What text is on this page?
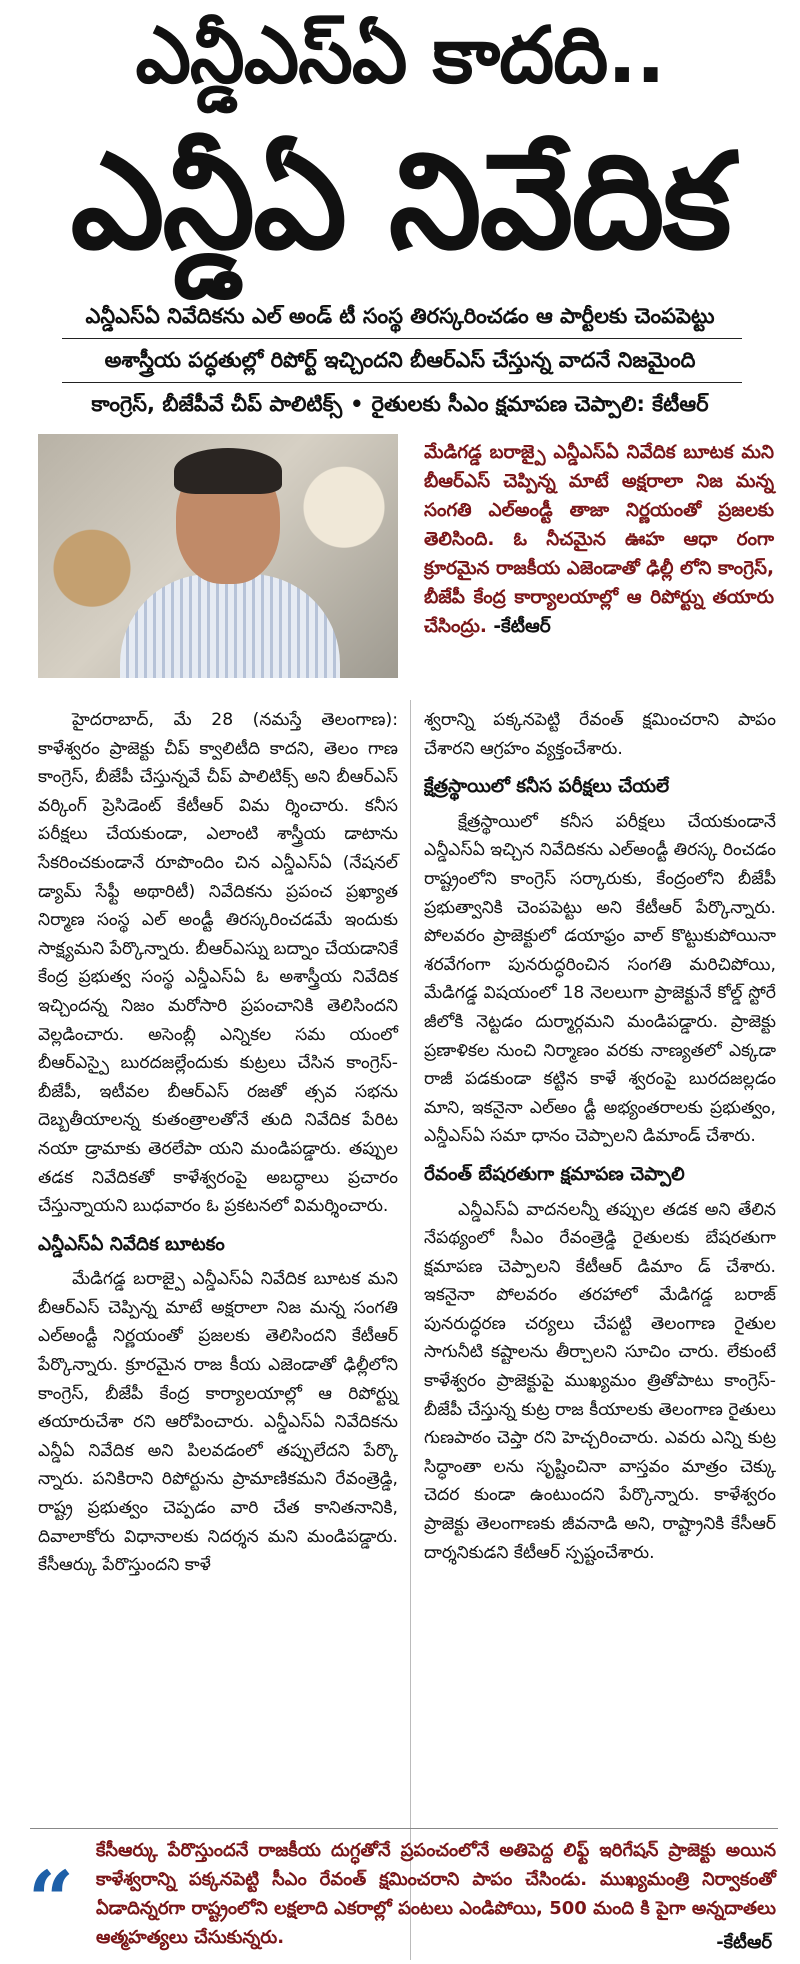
ఎన్డీఎస్ఏ కాదది..
ఎన్డీఏ నివేదిక
ఎన్డీఎస్ఏ నివేదికను ఎల్ అండ్ టీ సంస్థ తిరస్కరించడం ఆ పార్టీలకు చెంపపెట్టు
అశాస్త్రీయ పద్ధతుల్లో రిపోర్ట్ ఇచ్చిందని బీఆర్ఎస్ చేస్తున్న వాదనే నిజమైంది
కాంగ్రెస్, బీజేపీవే చీప్ పాలిటిక్స్ • రైతులకు సీఎం క్షమాపణ చెప్పాలి: కేటీఆర్
మేడిగడ్డ బరాజ్పై ఎన్డీఎస్ఏ నివేదిక బూటక మని బీఆర్ఎస్ చెప్పిన్న మాటే అక్షరాలా నిజ మన్న సంగతి ఎల్అండ్టీ తాజా నిర్ణయంతో ప్రజలకు తెలిసింది. ఓ నీచమైన ఊహ ఆధా రంగా క్రూరమైన రాజకీయ ఎజెండాతో ఢిల్లీ లోని కాంగ్రెస్, బీజేపీ కేంద్ర కార్యాలయాల్లో ఆ రిపోర్ట్ను తయారు చేసింద్రు. -కేటీఆర్

హైదరాబాద్, మే 28 (నమస్తే తెలంగాణ): కాళేశ్వరం ప్రాజెక్టు చీప్ క్వాలిటీది కాదని, తెలం గాణ కాంగ్రెస్, బీజేపీ చేస్తున్నవే చీప్ పాలిటిక్స్ అని బీఆర్ఎస్ వర్కింగ్ ప్రెసిడెంట్ కేటీఆర్ విమ ర్శించారు. కనీస పరీక్షలు చేయకుండా, ఎలాంటి శాస్త్రీయ డాటాను సేకరించకుండానే రూపొందిం చిన ఎన్డీఎస్ఏ (నేషనల్ డ్యామ్ సేఫ్టీ అథారిటీ) నివేదికను ప్రపంచ ప్రఖ్యాత నిర్మాణ సంస్థ ఎల్ అండ్టీ తిరస్కరించడమే ఇందుకు సాక్ష్యమని పేర్కొన్నారు. బీఆర్ఎస్ను బద్నాం చేయడానికే కేంద్ర ప్రభుత్వ సంస్థ ఎన్డీఎస్ఏ ఓ అశాస్త్రీయ నివేదిక ఇచ్చిందన్న నిజం మరోసారి ప్రపంచానికి తెలిసిందని వెల్లడించారు. అసెంబ్లీ ఎన్నికల సమ యంలో బీఆర్ఎస్పై బురదజల్లేందుకు కుట్రలు చేసిన కాంగ్రెస్-బీజేపీ, ఇటీవల బీఆర్ఎస్ రజతో త్సవ సభను దెబ్బతీయాలన్న కుతంత్రాలతోనే తుది నివేదిక పేరిట నయా డ్రామాకు తెరలేపా యని మండిపడ్డారు. తప్పుల తడక నివేదికతో కాళేశ్వరంపై అబద్ధాలు ప్రచారం చేస్తున్నాయని బుధవారం ఓ ప్రకటనలో విమర్శించారు.

ఎన్డీఎస్ఏ నివేదిక బూటకం

మేడిగడ్డ బరాజ్పై ఎన్డీఎస్ఏ నివేదిక బూటక మని బీఆర్ఎస్ చెప్పిన్న మాటే అక్షరాలా నిజ మన్న సంగతి ఎల్అండ్టీ నిర్ణయంతో ప్రజలకు తెలిసిందని కేటీఆర్ పేర్కొన్నారు. క్రూరమైన రాజ కీయ ఎజెండాతో ఢిల్లీలోని కాంగ్రెస్, బీజేపీ కేంద్ర కార్యాలయాల్లో ఆ రిపోర్ట్ను తయారుచేశా రని ఆరోపించారు. ఎన్డీఎస్ఏ నివేదికను ఎన్డీఏ నివేదిక అని పిలవడంలో తప్పులేదని పేర్కొ న్నారు. పనికిరాని రిపోర్టును ప్రామాణికమని రేవంత్రెడ్డి, రాష్ట్ర ప్రభుత్వం చెప్పడం వారి చేత కానితనానికి, దివాలాకోరు విధానాలకు నిదర్శన మని మండిపడ్డారు. కేసీఆర్కు పేరొస్తుందని కాళే

శ్వరాన్ని పక్కనపెట్టి రేవంత్ క్షమించరాని పాపం చేశారని ఆగ్రహం వ్యక్తంచేశారు.

క్షేత్రస్థాయిలో కనీస పరీక్షలు చేయలే

క్షేత్రస్థాయిలో కనీస పరీక్షలు చేయకుండానే ఎన్డీఎస్ఏ ఇచ్చిన నివేదికను ఎల్అండ్టీ తిరస్క రించడం రాష్ట్రంలోని కాంగ్రెస్ సర్కారుకు, కేంద్రంలోని బీజేపీ ప్రభుత్వానికి చెంపపెట్టు అని కేటీఆర్ పేర్కొన్నారు. పోలవరం ప్రాజెక్టులో డయాఫ్రం వాల్ కొట్టుకుపోయినా శరవేగంగా పునరుద్ధరించిన సంగతి మరిచిపోయి, మేడిగడ్డ విషయంలో 18 నెలలుగా ప్రాజెక్టునే కోల్డ్ స్టోరే జీలోకి నెట్టడం దుర్మార్గమని మండిపడ్డారు. ప్రాజెక్టు ప్రణాళికల నుంచి నిర్మాణం వరకు నాణ్యతలో ఎక్కడా రాజీ పడకుండా కట్టిన కాళే శ్వరంపై బురదజల్లడం మాని, ఇకనైనా ఎల్అం డ్టీ అభ్యంతరాలకు ప్రభుత్వం, ఎన్డీఎస్ఏ సమా ధానం చెప్పాలని డిమాండ్ చేశారు.

రేవంత్ బేషరతుగా క్షమాపణ చెప్పాలి

ఎన్డీఎస్ఏ వాదనలన్నీ తప్పుల తడక అని తేలిన నేపథ్యంలో సీఎం రేవంత్రెడ్డి రైతులకు బేషరతుగా క్షమాపణ చెప్పాలని కేటీఆర్ డిమాం డ్ చేశారు. ఇకనైనా పోలవరం తరహాలో మేడిగడ్డ బరాజ్ పునరుద్ధరణ చర్యలు చేపట్టి తెలంగాణ రైతుల సాగునీటి కష్టాలను తీర్చాలని సూచిం చారు. లేకుంటే కాళేశ్వరం ప్రాజెక్టుపై ముఖ్యమం త్రితోపాటు కాంగ్రెస్-బీజేపీ చేస్తున్న కుట్ర రాజ కీయాలకు తెలంగాణ రైతులు గుణపాఠం చెప్తా రని హెచ్చరించారు. ఎవరు ఎన్ని కుట్ర సిద్ధాంతా లను సృష్టించినా వాస్తవం మాత్రం చెక్కు చెదర కుండా ఉంటుందని పేర్కొన్నారు. కాళేశ్వరం ప్రాజెక్టు తెలంగాణకు జీవనాడి అని, రాష్ట్రానికి కేసీఆర్ దార్శనికుడని కేటీఆర్ స్పష్టంచేశారు.

“
కేసీఆర్కు పేరొస్తుందనే రాజకీయ దుగ్ధతోనే ప్రపంచంలోనే అతిపెద్ద లిఫ్ట్ ఇరిగేషన్ ప్రాజెక్టు అయిన కాళేశ్వరాన్ని పక్కనపెట్టి సీఎం రేవంత్ క్షమించరాని పాపం చేసిండు. ముఖ్యమంత్రి నిర్వాకంతో ఏడాదిన్నరగా రాష్ట్రంలోని లక్షలాది ఎకరాల్లో పంటలు ఎండిపోయి, 500 మంది కి పైగా అన్నదాతలు ఆత్మహత్యలు చేసుకున్నరు.	-కేటీఆర్
